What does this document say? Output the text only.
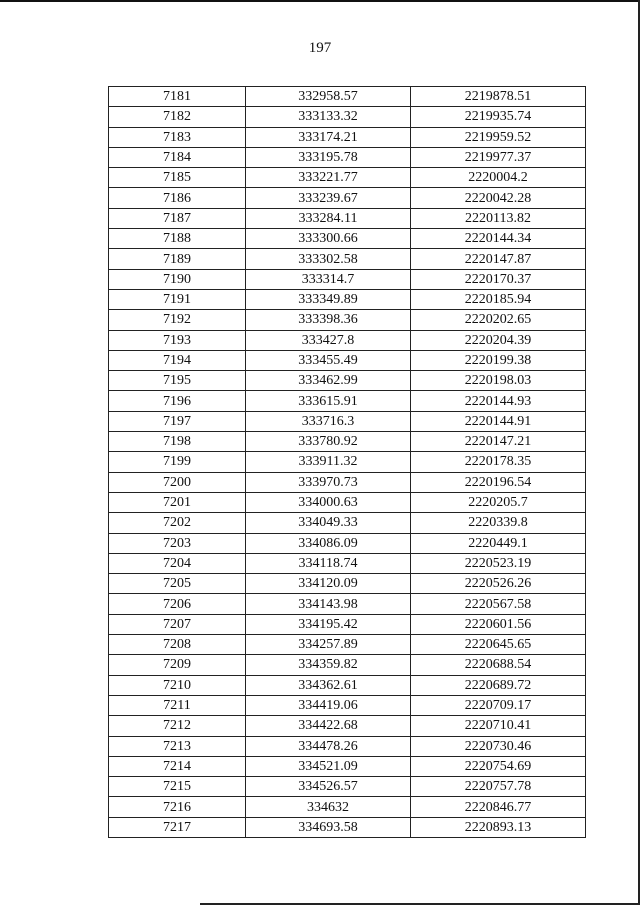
197
7181	332958.57	2219878.51
7182	333133.32	2219935.74
7183	333174.21	2219959.52
7184	333195.78	2219977.37
7185	333221.77	2220004.2
7186	333239.67	2220042.28
7187	333284.11	2220113.82
7188	333300.66	2220144.34
7189	333302.58	2220147.87
7190	333314.7	2220170.37
7191	333349.89	2220185.94
7192	333398.36	2220202.65
7193	333427.8	2220204.39
7194	333455.49	2220199.38
7195	333462.99	2220198.03
7196	333615.91	2220144.93
7197	333716.3	2220144.91
7198	333780.92	2220147.21
7199	333911.32	2220178.35
7200	333970.73	2220196.54
7201	334000.63	2220205.7
7202	334049.33	2220339.8
7203	334086.09	2220449.1
7204	334118.74	2220523.19
7205	334120.09	2220526.26
7206	334143.98	2220567.58
7207	334195.42	2220601.56
7208	334257.89	2220645.65
7209	334359.82	2220688.54
7210	334362.61	2220689.72
7211	334419.06	2220709.17
7212	334422.68	2220710.41
7213	334478.26	2220730.46
7214	334521.09	2220754.69
7215	334526.57	2220757.78
7216	334632	2220846.77
7217	334693.58	2220893.13
